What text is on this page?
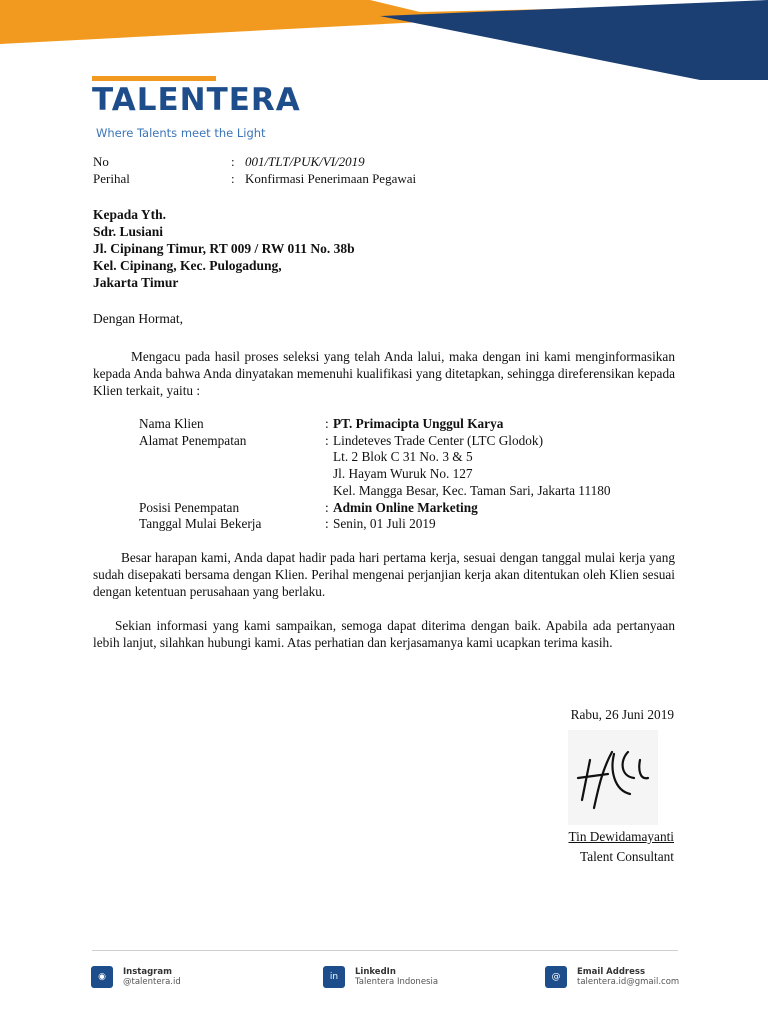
TALENTERA
Where Talents meet the Light
No	: 001/TLT/PUK/VI/2019
Perihal	: Konfirmasi Penerimaan Pegawai
Kepada Yth.
Sdr. Lusiani
Jl. Cipinang Timur, RT 009 / RW 011 No. 38b
Kel. Cipinang, Kec. Pulogadung,
Jakarta Timur
Dengan Hormat,
Mengacu pada hasil proses seleksi yang telah Anda lalui, maka dengan ini kami menginformasikan kepada Anda bahwa Anda dinyatakan memenuhi kualifikasi yang ditetapkan, sehingga direferensikan kepada Klien terkait, yaitu :
Nama Klien	: PT. Primacipta Unggul Karya
Alamat Penempatan	: Lindeteves Trade Center (LTC Glodok)
Lt. 2 Blok C 31 No. 3 & 5
Jl. Hayam Wuruk No. 127
Kel. Mangga Besar, Kec. Taman Sari, Jakarta 11180
Posisi Penempatan	: Admin Online Marketing
Tanggal Mulai Bekerja	: Senin, 01 Juli 2019
Besar harapan kami, Anda dapat hadir pada hari pertama kerja, sesuai dengan tanggal mulai kerja yang sudah disepakati bersama dengan Klien. Perihal mengenai perjanjian kerja akan ditentukan oleh Klien sesuai dengan ketentuan perusahaan yang berlaku.
Sekian informasi yang kami sampaikan, semoga dapat diterima dengan baik. Apabila ada pertanyaan lebih lanjut, silahkan hubungi kami. Atas perhatian dan kerjasamanya kami ucapkan terima kasih.
Rabu, 26 Juni 2019
Tin Dewidamayanti
Talent Consultant
◉	Instagram
@talentera.id	in	LinkedIn
Talentera Indonesia	@	Email Address
talentera.id@gmail.com
